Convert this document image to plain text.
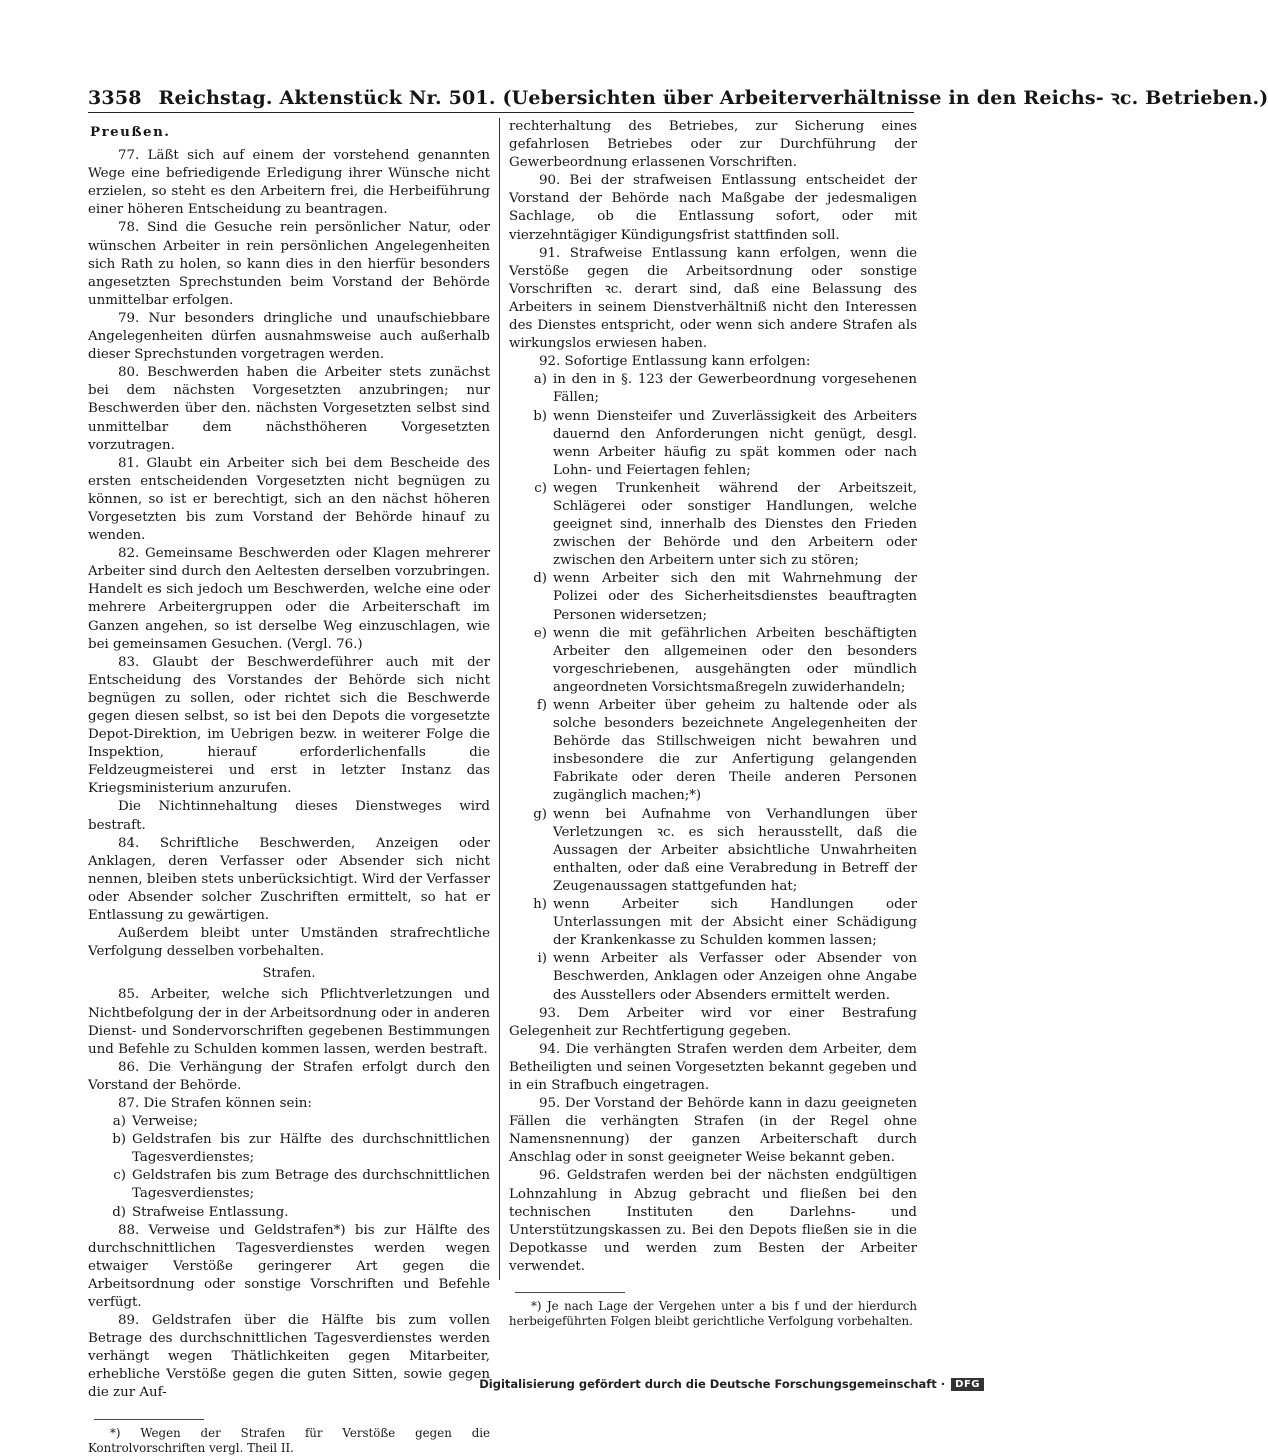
3358 Reichstag. Aktenstück Nr. 501. (Uebersichten über Arbeiterverhältnisse in den Reichs- ꝛc. Betrieben.)
Preußen.

77. Läßt sich auf einem der vorstehend genannten Wege eine befriedigende Erledigung ihrer Wünsche nicht erzielen, so steht es den Arbeitern frei, die Herbeiführung einer höheren Entscheidung zu beantragen.

78. Sind die Gesuche rein persönlicher Natur, oder wünschen Arbeiter in rein persönlichen Angelegenheiten sich Rath zu holen, so kann dies in den hierfür besonders angesetzten Sprechstunden beim Vorstand der Behörde unmittelbar erfolgen.

79. Nur besonders dringliche und unaufschiebbare Angelegenheiten dürfen ausnahmsweise auch außerhalb dieser Sprechstunden vorgetragen werden.

80. Beschwerden haben die Arbeiter stets zunächst bei dem nächsten Vorgesetzten anzubringen; nur Beschwerden über den. nächsten Vorgesetzten selbst sind unmittelbar dem nächsthöheren Vorgesetzten vorzutragen.

81. Glaubt ein Arbeiter sich bei dem Bescheide des ersten entscheidenden Vorgesetzten nicht begnügen zu können, so ist er berechtigt, sich an den nächst höheren Vorgesetzten bis zum Vorstand der Behörde hinauf zu wenden.

82. Gemeinsame Beschwerden oder Klagen mehrerer Arbeiter sind durch den Aeltesten derselben vorzubringen. Handelt es sich jedoch um Beschwerden, welche eine oder mehrere Arbeitergruppen oder die Arbeiterschaft im Ganzen angehen, so ist derselbe Weg einzuschlagen, wie bei gemeinsamen Gesuchen. (Vergl. 76.)

83. Glaubt der Beschwerdeführer auch mit der Entscheidung des Vorstandes der Behörde sich nicht begnügen zu sollen, oder richtet sich die Beschwerde gegen diesen selbst, so ist bei den Depots die vorgesetzte Depot-Direktion, im Uebrigen bezw. in weiterer Folge die Inspektion, hierauf erforderlichenfalls die Feldzeugmeisterei und erst in letzter Instanz das Kriegsministerium anzurufen.

Die Nichtinnehaltung dieses Dienstweges wird bestraft.

84. Schriftliche Beschwerden, Anzeigen oder Anklagen, deren Verfasser oder Absender sich nicht nennen, bleiben stets unberücksichtigt. Wird der Verfasser oder Absender solcher Zuschriften ermittelt, so hat er Entlassung zu gewärtigen.

Außerdem bleibt unter Umständen strafrechtliche Verfolgung desselben vorbehalten.

Strafen.

85. Arbeiter, welche sich Pflichtverletzungen und Nichtbefolgung der in der Arbeitsordnung oder in anderen Dienst- und Sondervorschriften gegebenen Bestimmungen und Befehle zu Schulden kommen lassen, werden bestraft.

86. Die Verhängung der Strafen erfolgt durch den Vorstand der Behörde.

87. Die Strafen können sein:

a) Verweise;
b) Geldstrafen bis zur Hälfte des durchschnittlichen Tagesverdienstes;
c) Geldstrafen bis zum Betrage des durchschnittlichen Tagesverdienstes;
d) Strafweise Entlassung.

88. Verweise und Geldstrafen*) bis zur Hälfte des durchschnittlichen Tagesverdienstes werden wegen etwaiger Verstöße geringerer Art gegen die Arbeitsordnung oder sonstige Vorschriften und Befehle verfügt.

89. Geldstrafen über die Hälfte bis zum vollen Betrage des durchschnittlichen Tagesverdienstes werden verhängt wegen Thätlichkeiten gegen Mitarbeiter, erhebliche Verstöße gegen die guten Sitten, sowie gegen die zur Auf-

*) Wegen der Strafen für Verstöße gegen die Kontrolvorschriften vergl. Theil II.

rechterhaltung des Betriebes, zur Sicherung eines gefahrlosen Betriebes oder zur Durchführung der Gewerbeordnung erlassenen Vorschriften.

90. Bei der strafweisen Entlassung entscheidet der Vorstand der Behörde nach Maßgabe der jedesmaligen Sachlage, ob die Entlassung sofort, oder mit vierzehntägiger Kündigungsfrist stattfinden soll.

91. Strafweise Entlassung kann erfolgen, wenn die Verstöße gegen die Arbeitsordnung oder sonstige Vorschriften ꝛc. derart sind, daß eine Belassung des Arbeiters in seinem Dienstverhältniß nicht den Interessen des Dienstes entspricht, oder wenn sich andere Strafen als wirkungslos erwiesen haben.

92. Sofortige Entlassung kann erfolgen:

a) in den in §. 123 der Gewerbeordnung vorgesehenen Fällen;
b) wenn Diensteifer und Zuverlässigkeit des Arbeiters dauernd den Anforderungen nicht genügt, desgl. wenn Arbeiter häufig zu spät kommen oder nach Lohn- und Feiertagen fehlen;
c) wegen Trunkenheit während der Arbeitszeit, Schlägerei oder sonstiger Handlungen, welche geeignet sind, innerhalb des Dienstes den Frieden zwischen der Behörde und den Arbeitern oder zwischen den Arbeitern unter sich zu stören;
d) wenn Arbeiter sich den mit Wahrnehmung der Polizei oder des Sicherheitsdienstes beauftragten Personen widersetzen;
e) wenn die mit gefährlichen Arbeiten beschäftigten Arbeiter den allgemeinen oder den besonders vorgeschriebenen, ausgehängten oder mündlich angeordneten Vorsichtsmaßregeln zuwiderhandeln;
f) wenn Arbeiter über geheim zu haltende oder als solche besonders bezeichnete Angelegenheiten der Behörde das Stillschweigen nicht bewahren und insbesondere die zur Anfertigung gelangenden Fabrikate oder deren Theile anderen Personen zugänglich machen;*)
g) wenn bei Aufnahme von Verhandlungen über Verletzungen ꝛc. es sich herausstellt, daß die Aussagen der Arbeiter absichtliche Unwahrheiten enthalten, oder daß eine Verabredung in Betreff der Zeugenaussagen stattgefunden hat;
h) wenn Arbeiter sich Handlungen oder Unterlassungen mit der Absicht einer Schädigung der Krankenkasse zu Schulden kommen lassen;
i) wenn Arbeiter als Verfasser oder Absender von Beschwerden, Anklagen oder Anzeigen ohne Angabe des Ausstellers oder Absenders ermittelt werden.

93. Dem Arbeiter wird vor einer Bestrafung Gelegenheit zur Rechtfertigung gegeben.

94. Die verhängten Strafen werden dem Arbeiter, dem Betheiligten und seinen Vorgesetzten bekannt gegeben und in ein Strafbuch eingetragen.

95. Der Vorstand der Behörde kann in dazu geeigneten Fällen die verhängten Strafen (in der Regel ohne Namensnennung) der ganzen Arbeiterschaft durch Anschlag oder in sonst geeigneter Weise bekannt geben.

96. Geldstrafen werden bei der nächsten endgültigen Lohnzahlung in Abzug gebracht und fließen bei den technischen Instituten den Darlehns- und Unterstützungskassen zu. Bei den Depots fließen sie in die Depotkasse und werden zum Besten der Arbeiter verwendet.

*) Je nach Lage der Vergehen unter a bis f und der hierdurch herbeigeführten Folgen bleibt gerichtliche Verfolgung vorbehalten.

Digitalisierung gefördert durch die Deutsche Forschungsgemeinschaft ·	DFG
